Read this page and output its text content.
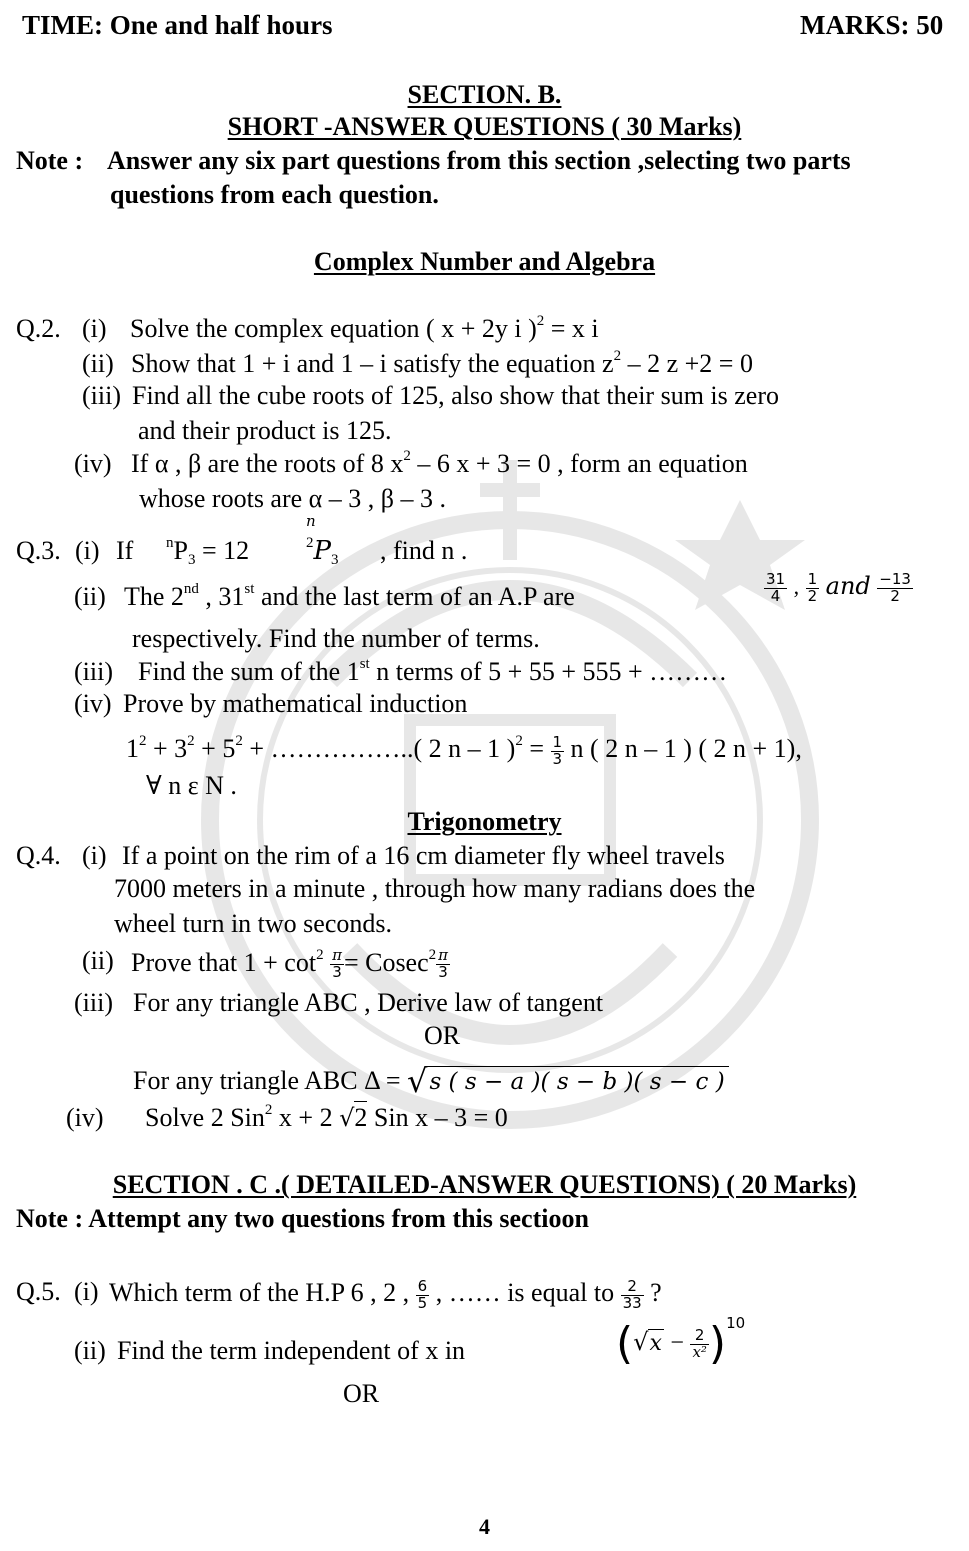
TIME: One and half hours	MARKS: 50
SECTION. B.
SHORT -ANSWER QUESTIONS ( 30 Marks)
Note : Answer any six part questions from this section ,selecting two parts
questions from each question.
Complex Number and Algebra
Q.2. (i) Solve the complex equation ( x + 2y i )$^2$ = x i
(ii) Show that 1 + i and 1 – i satisfy the equation $z^2 - 2$ z +2 = 0
(iii) Find all the cube roots of 125, also show that their sum is zero
and their product is 125.
(iv) If α , β are the roots of 8 $x^2 - 6$ x + 3 = 0 , form an equation
whose roots are α – 3 , β – 3 .
Q.3. (i) If $^nP_3 = 12$
n
$^2P_3$ , find n .
(ii) The 2nd , 31st and the last term of an A.P are	$\frac{31}{4}$ , $\frac{1}{2}$ and $\frac{-13}{2}$
respectively. Find the number of terms.
(iii) Find the sum of the 1st n terms of 5 + 55 + 555 + ………
(iv) Prove by mathematical induction
$1^2 + 3^2 + 5^2$ + ……………..( 2 n – 1 )$^2 = \frac{1}{3}$ n ( 2 n – 1 ) ( 2 n + 1),
∀ n ε N .
Trigonometry
Q.4. (i) If a point on the rim of a 16 cm diameter fly wheel travels
7000 meters in a minute , through how many radians does the
wheel turn in two seconds.
(ii) Prove that $1 + \cot^2 \frac{\pi}{3} = Cosec^2 \frac{\pi}{3}$
(iii) For any triangle ABC , Derive law of tangent
OR
For any triangle ABC Δ = √s ( s − a )( s − b )( s − c )
(iv) Solve 2 Sin$^2$ x + 2 √2 Sin x – 3 = 0
SECTION . C .( DETAILED-ANSWER QUESTIONS) ( 20 Marks)
Note : Attempt any two questions from this sectioon
Q.5. (i) Which term of the H.P 6 , 2 , $\frac{6}{5}$ , …… is equal to $\frac{2}{33}$ ?
(ii) Find the term independent of x in	$(√x - \frac{2}{\text{x²}} )^{10}$
OR
4
